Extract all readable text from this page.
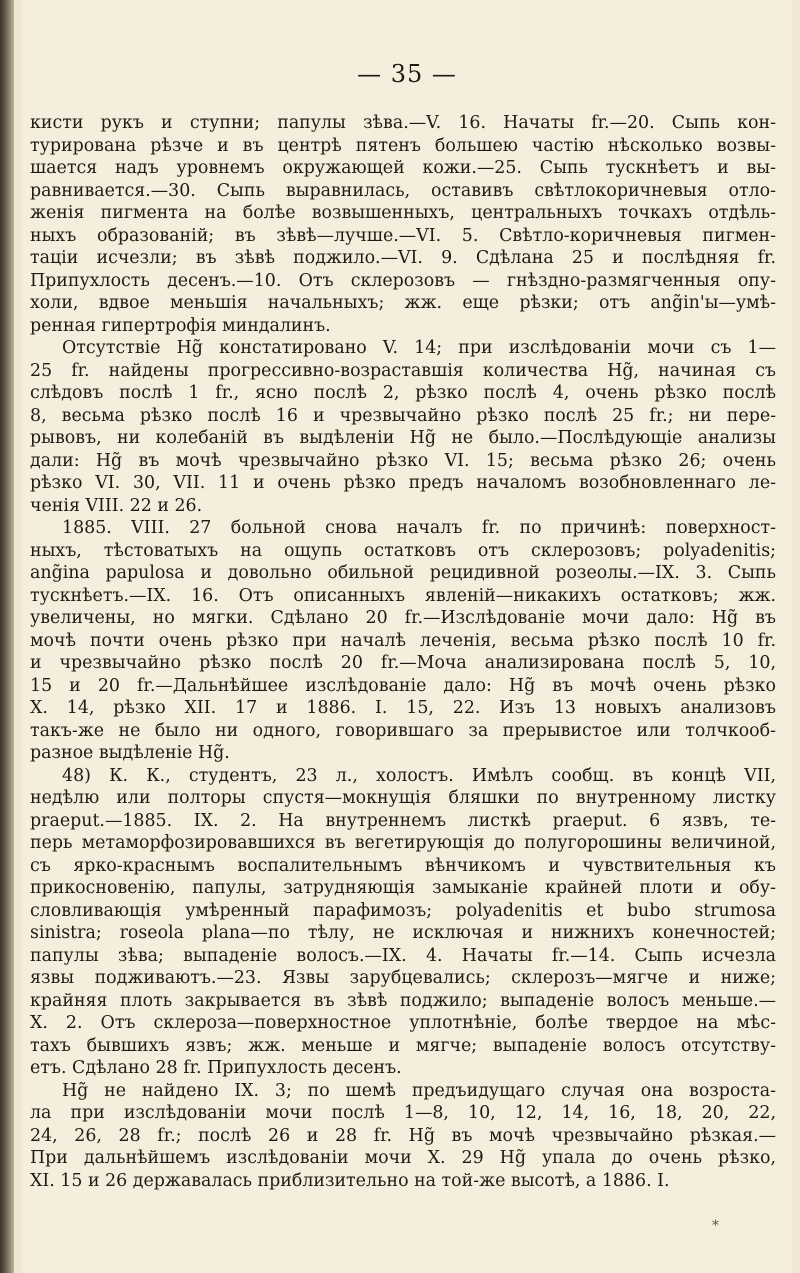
— 35 —
кисти рукъ и ступни; папулы зѣва.—V. 16. Начаты fr.—20. Сыпь кон-
турирована рѣзче и въ центрѣ пятенъ большею частію нѣсколько возвы-
шается надъ уровнемъ окружающей кожи.—25. Сыпь тускнѣетъ и вы-
равнивается.—30. Сыпь выравнилась, оставивъ свѣтлокоричневыя отло-
женія пигмента на болѣе возвышенныхъ, центральныхъ точкахъ отдѣль-
ныхъ образованій; въ зѣвѣ—лучше.—VI. 5. Свѣтло-коричневыя пигмен-
таціи исчезли; въ зѣвѣ поджило.—VI. 9. Сдѣлана 25 и послѣдняя fr.
Припухлость десенъ.—10. Отъ склерозовъ — гнѣздно-размягченныя опу-
холи, вдвое меньшія начальныхъ; жж. еще рѣзки; отъ ang̃in'ы—умѣ-
ренная гипертрофія миндалинъ.
Отсутствіе Hg̃ констатировано V. 14; при изслѣдованіи мочи съ 1—
25 fr. найдены прогрессивно-возраставшія количества Hg̃, начиная съ
слѣдовъ послѣ 1 fr., ясно послѣ 2, рѣзко послѣ 4, очень рѣзко послѣ
8, весьма рѣзко послѣ 16 и чрезвычайно рѣзко послѣ 25 fr.; ни пере-
рывовъ, ни колебаній въ выдѣленіи Hg̃ не было.—Послѣдующіе анализы
дали: Hg̃ въ мочѣ чрезвычайно рѣзко VI. 15; весьма рѣзко 26; очень
рѣзко VI. 30, VII. 11 и очень рѣзко предъ началомъ возобновленнаго ле-
ченія VIII. 22 и 26.
1885. VIII. 27 больной снова началъ fr. по причинѣ: поверхност-
ныхъ, тѣстоватыхъ на ощупь остатковъ отъ склерозовъ; polyadenitis;
ang̃ina papulosa и довольно обильной рецидивной розеолы.—IX. 3. Сыпь
тускнѣетъ.—IX. 16. Отъ описанныхъ явленій—никакихъ остатковъ; жж.
увеличены, но мягки. Сдѣлано 20 fr.—Изслѣдованіе мочи дало: Hg̃ въ
мочѣ почти очень рѣзко при началѣ леченія, весьма рѣзко послѣ 10 fr.
и чрезвычайно рѣзко послѣ 20 fr.—Моча анализирована послѣ 5, 10,
15 и 20 fr.—Дальнѣйшее изслѣдованіе дало: Hg̃ въ мочѣ очень рѣзко
X. 14, рѣзко XII. 17 и 1886. I. 15, 22. Изъ 13 новыхъ анализовъ
такъ-же не было ни одного, говорившаго за прерывистое или толчкооб-
разное выдѣленіе Hg̃.
48) К. К., студентъ, 23 л., холостъ. Имѣлъ сообщ. въ концѣ VII,
недѣлю или полторы спустя—мокнущія бляшки по внутренному листку
praeput.—1885. IX. 2. На внутреннемъ листкѣ praeput. 6 язвъ, те-
перь метаморфозировавшихся въ вегетирующія до полугорошины величиной,
съ ярко-краснымъ воспалительнымъ вѣнчикомъ и чувствительныя къ
прикосновенію, папулы, затрудняющія замыканіе крайней плоти и обу-
словливающія умѣренный парафимозъ; polyadenitis et bubo strumosa
sinistra; roseola plana—по тѣлу, не исключая и нижнихъ конечностей;
папулы зѣва; выпаденіе волосъ.—IX. 4. Начаты fr.—14. Сыпь исчезла
язвы подживаютъ.—23. Язвы зарубцевались; склерозъ—мягче и ниже;
крайняя плоть закрывается въ зѣвѣ поджило; выпаденіе волосъ меньше.—
X. 2. Отъ склероза—поверхностное уплотнѣніе, болѣе твердое на мѣс-
тахъ бывшихъ язвъ; жж. меньше и мягче; выпаденіе волосъ отсутству-
етъ. Сдѣлано 28 fr. Припухлость десенъ.
Hg̃ не найдено IX. 3; по шемѣ предъидущаго случая она возроста-
ла при изслѣдованіи мочи послѣ 1—8, 10, 12, 14, 16, 18, 20, 22,
24, 26, 28 fr.; послѣ 26 и 28 fr. Hg̃ въ мочѣ чрезвычайно рѣзкая.—
При дальнѣйшемъ изслѣдованіи мочи X. 29 Hg̃ упала до очень рѣзко,
XI. 15 и 26 державалась приблизительно на той-же высотѣ, а 1886. I.
*
